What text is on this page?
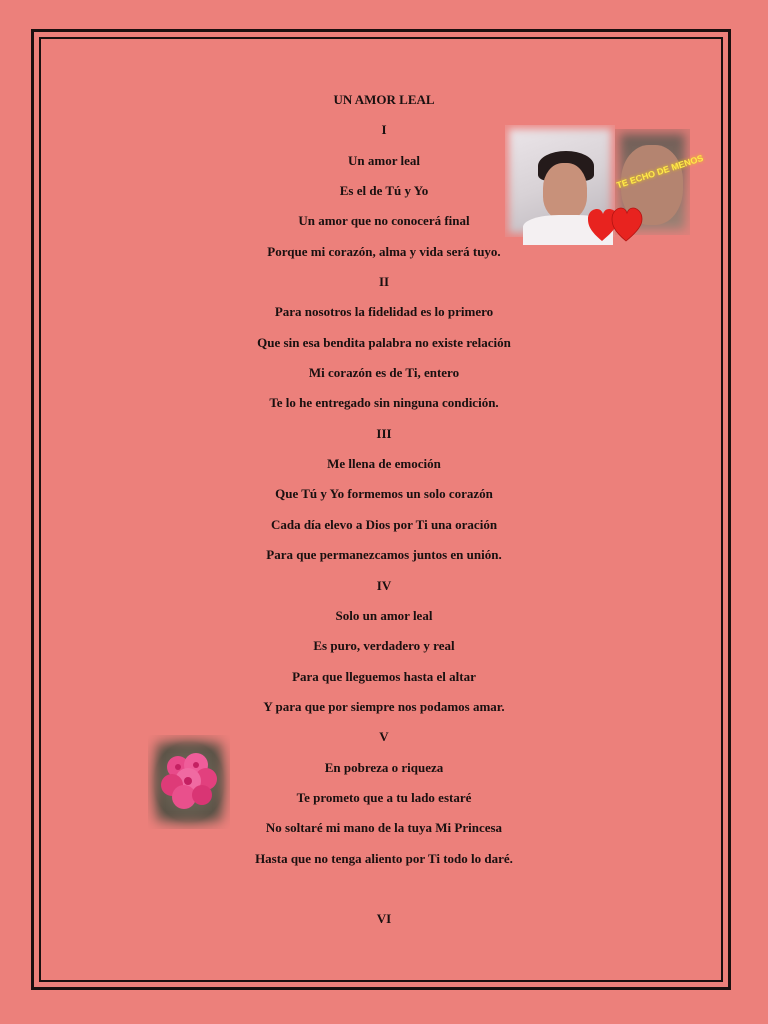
UN AMOR LEAL
I
Un amor leal
Es el de Tú y Yo
Un amor que no conocerá final
Porque mi corazón, alma y vida será tuyo.
II
Para nosotros la fidelidad es lo primero
Que sin esa bendita palabra no existe relación
Mi corazón es de Ti, entero
Te lo he entregado sin ninguna condición.
III
Me llena de emoción
Que Tú y Yo formemos un solo corazón
Cada día elevo a Dios por Ti una oración
Para que permanezcamos juntos en unión.
IV
Solo un amor leal
Es puro, verdadero y real
Para que lleguemos hasta el altar
Y para que por siempre nos podamos amar.
V
En pobreza o riqueza
Te prometo que a tu lado estaré
No soltaré mi mano de la tuya Mi Princesa
Hasta que no tenga aliento por Ti todo lo daré.
VI
TE ECHO DE MENOS
